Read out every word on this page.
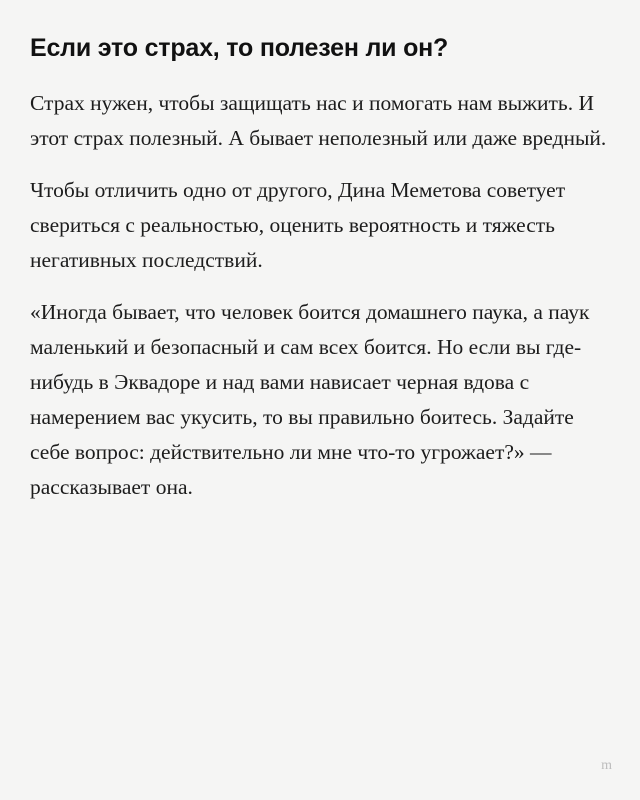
Если это страх, то полезен ли он?

Страх нужен, чтобы защищать нас и помогать нам выжить. И этот страх полезный. А бывает неполезный или даже вредный.

Чтобы отличить одно от другого, Дина Меметова советует свериться с реальностью, оценить вероятность и тяжесть негативных последствий.

«Иногда бывает, что человек боится домашнего паука, а паук маленький и безопасный и сам всех боится. Но если вы где-нибудь в Эквадоре и над вами нависает черная вдова с намерением вас укусить, то вы правильно боитесь. Задайте себе вопрос: действительно ли мне что-то угрожает?» — рассказывает она.

m
